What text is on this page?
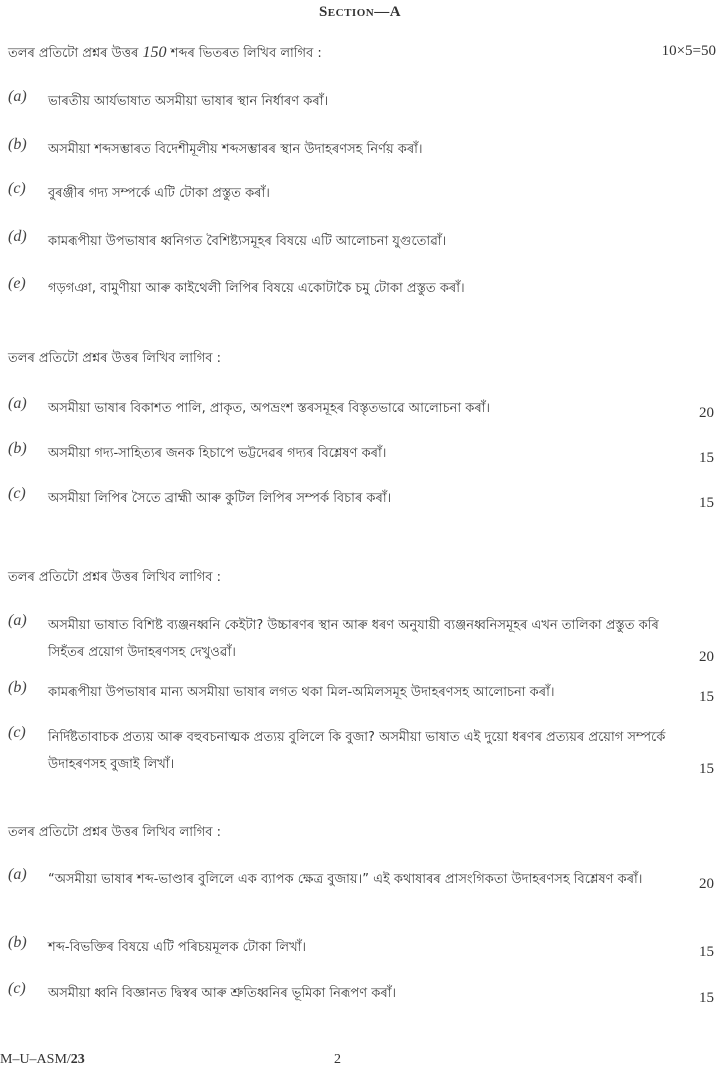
Section—A
তলৰ প্ৰতিটো প্ৰশ্নৰ উত্তৰ 150 শব্দৰ ভিতৰত লিখিব লাগিব :	10×5=50
(a) ভাৰতীয় আৰ্যভাষাত অসমীয়া ভাষাৰ স্থান নিৰ্ধাৰণ কৰাঁ।
(b) অসমীয়া শব্দসম্ভাৰত বিদেশীমূলীয় শব্দসম্ভাৰৰ স্থান উদাহৰণসহ নিৰ্ণয় কৰাঁ।
(c) বুৰঞ্জীৰ গদ্য সম্পৰ্কে এটি টোকা প্ৰস্তুত কৰাঁ।
(d) কামৰূপীয়া উপভাষাৰ ধ্বনিগত বৈশিষ্ট্যসমূহৰ বিষয়ে এটি আলোচনা যুগুতোৱাঁ।
(e) গড়গঞা, বামুণীয়া আৰু কাইথেলী লিপিৰ বিষয়ে একোটাকৈ চমু টোকা প্ৰস্তুত কৰাঁ।
তলৰ প্ৰতিটো প্ৰশ্নৰ উত্তৰ লিখিব লাগিব :
(a) অসমীয়া ভাষাৰ বিকাশত পালি, প্ৰাকৃত, অপভ্ৰংশ স্তৰসমূহৰ বিস্তৃতভাৱে আলোচনা কৰাঁ।	20
(b) অসমীয়া গদ্য-সাহিত্যৰ জনক হিচাপে ভট্টদেৱৰ গদ্যৰ বিশ্লেষণ কৰাঁ।	15
(c) অসমীয়া লিপিৰ সৈতে ব্ৰাহ্মী আৰু কুটিল লিপিৰ সম্পৰ্ক বিচাৰ কৰাঁ।	15
তলৰ প্ৰতিটো প্ৰশ্নৰ উত্তৰ লিখিব লাগিব :
(a) অসমীয়া ভাষাত বিশিষ্ট ব্যঞ্জনধ্বনি কেইটা? উচ্চাৰণৰ স্থান আৰু ধৰণ অনুযায়ী ব্যঞ্জনধ্বনিসমূহৰ এখন তালিকা প্ৰস্তুত কৰি সিহঁতৰ প্ৰয়োগ উদাহৰণসহ দেখুওৱাঁ।	20
(b) কামৰূপীয়া উপভাষাৰ মান্য অসমীয়া ভাষাৰ লগত থকা মিল-অমিলসমূহ উদাহৰণসহ আলোচনা কৰাঁ।	15
(c) নিৰ্দিষ্টতাবাচক প্ৰত্যয় আৰু বহুবচনাত্মক প্ৰত্যয় বুলিলে কি বুজা? অসমীয়া ভাষাত এই দুয়ো ধৰণৰ প্ৰত্যয়ৰ প্ৰয়োগ সম্পৰ্কে উদাহৰণসহ বুজাই লিখাঁ।	15
তলৰ প্ৰতিটো প্ৰশ্নৰ উত্তৰ লিখিব লাগিব :
(a) “অসমীয়া ভাষাৰ শব্দ-ভাণ্ডাৰ বুলিলে এক ব্যাপক ক্ষেত্ৰ বুজায়।” এই কথাষাৰৰ প্ৰাসংগিকতা উদাহৰণসহ বিশ্লেষণ কৰাঁ।	20
(b) শব্দ-বিভক্তিৰ বিষয়ে এটি পৰিচয়মূলক টোকা লিখাঁ।	15
(c) অসমীয়া ধ্বনি বিজ্ঞানত দ্বিস্বৰ আৰু শ্ৰুতিধ্বনিৰ ভূমিকা নিৰূপণ কৰাঁ।	15
M–U–ASM/23	2
